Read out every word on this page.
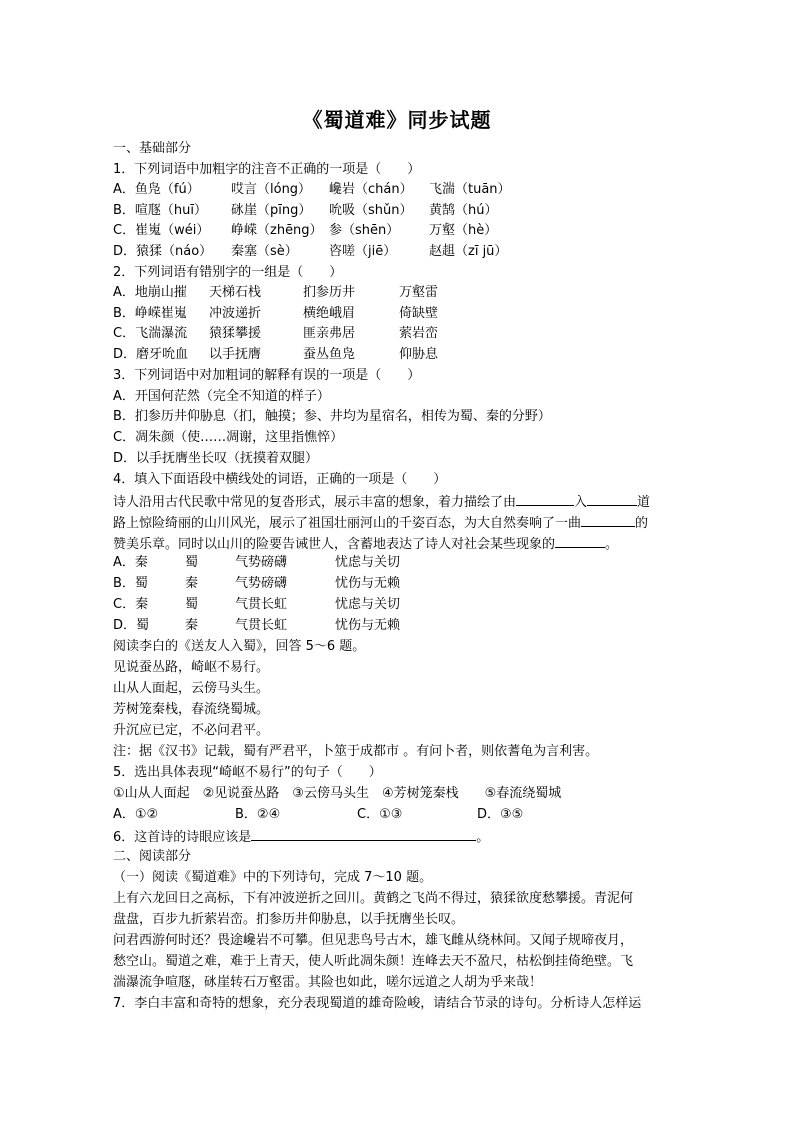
《蜀道难》同步试题
一、基础部分
1．下列词语中加粗字的注音不正确的一项是（　　）
A．鱼凫（fú） 哎言（lóng） 巉岩（chán） 飞湍（tuān）
B．喧豗（huī） 砯崖（pīng） 吮吸（shǔn） 黄鹄（hú）
C．崔嵬（wéi） 峥嵘（zhēng） 参（shēn） 万壑（hè）
D．猿猱（náo） 秦塞（sè） 咨嗟（jiē）	赵趄（zī jū）
2．下列词语有错别字的一组是（　　）
A．地崩山摧 天梯石栈	扪参历井	万壑雷
B．峥嵘崔嵬 冲波递折	横绝峨眉	倚缺壁
C．飞湍瀑流 猿猱攀援	匪亲弗居	萦岩峦
D．磨牙吮血 以手抚膺	蚕丛鱼凫	仰胁息
3．下列词语中对加粗词的解释有误的一项是（　　）
A．开国何茫然（完全不知道的样子）
B．扪参历井仰胁息（扪，触摸；参、井均为星宿名，相传为蜀、秦的分野）
C．凋朱颜（使……凋谢，这里指憔悴）
D．以手抚膺坐长叹（抚摸着双腿）
4．填入下面语段中横线处的词语，正确的一项是（　　）
诗人沿用古代民歌中常见的复沓形式，展示丰富的想象，着力描绘了由	入	道
路上惊险绮丽的山川风光，展示了祖国壮丽河山的千姿百态，为大自然奏响了一曲	的
赞美乐章。同时以山川的险要告诫世人，含蓄地表达了诗人对社会某些现象的	。
A．秦	蜀	气势磅礴	忧虑与关切
B．蜀	秦	气势磅礴	忧伤与无赖
C．秦	蜀	气贯长虹	忧虑与关切
D．蜀	秦	气贯长虹	忧伤与无赖
阅读李白的《送友人入蜀》，回答 5～6 题。
见说蚕丛路，崎岖不易行。
山从人面起，云傍马头生。
芳树笼秦栈，春流绕蜀城。
升沉应已定，不必问君平。
注：据《汉书》记载，蜀有严君平，卜筮于成都市 。有问卜者，则依蓍龟为言利害。
5．选出具体表现“崎岖不易行”的句子（　　）
①山从人面起　②见说蚕丛路　③云傍马头生　④芳树笼秦栈　　⑤春流绕蜀城
A．①②	B．②④	C．①③	D．③⑤
6．这首诗的诗眼应该是	。
二、阅读部分
（一）阅读《蜀道难》中的下列诗句，完成 7～10 题。
上有六龙回日之高标，下有冲波逆折之回川。黄鹤之飞尚不得过，猿猱欲度愁攀援。青泥何
盘盘，百步九折萦岩峦。扪参历井仰胁息，以手抚膺坐长叹。
问君西游何时还？畏途巉岩不可攀。但见悲鸟号古木，雄飞雌从绕林间。又闻子规啼夜月，
愁空山。蜀道之难，难于上青天，使人听此凋朱颜！连峰去天不盈尺，枯松倒挂倚绝壁。飞
湍瀑流争喧豗，砯崖转石万壑雷。其险也如此，嗟尔远道之人胡为乎来哉！
7．李白丰富和奇特的想象，充分表现蜀道的雄奇险峻，请结合节录的诗句。分析诗人怎样运
